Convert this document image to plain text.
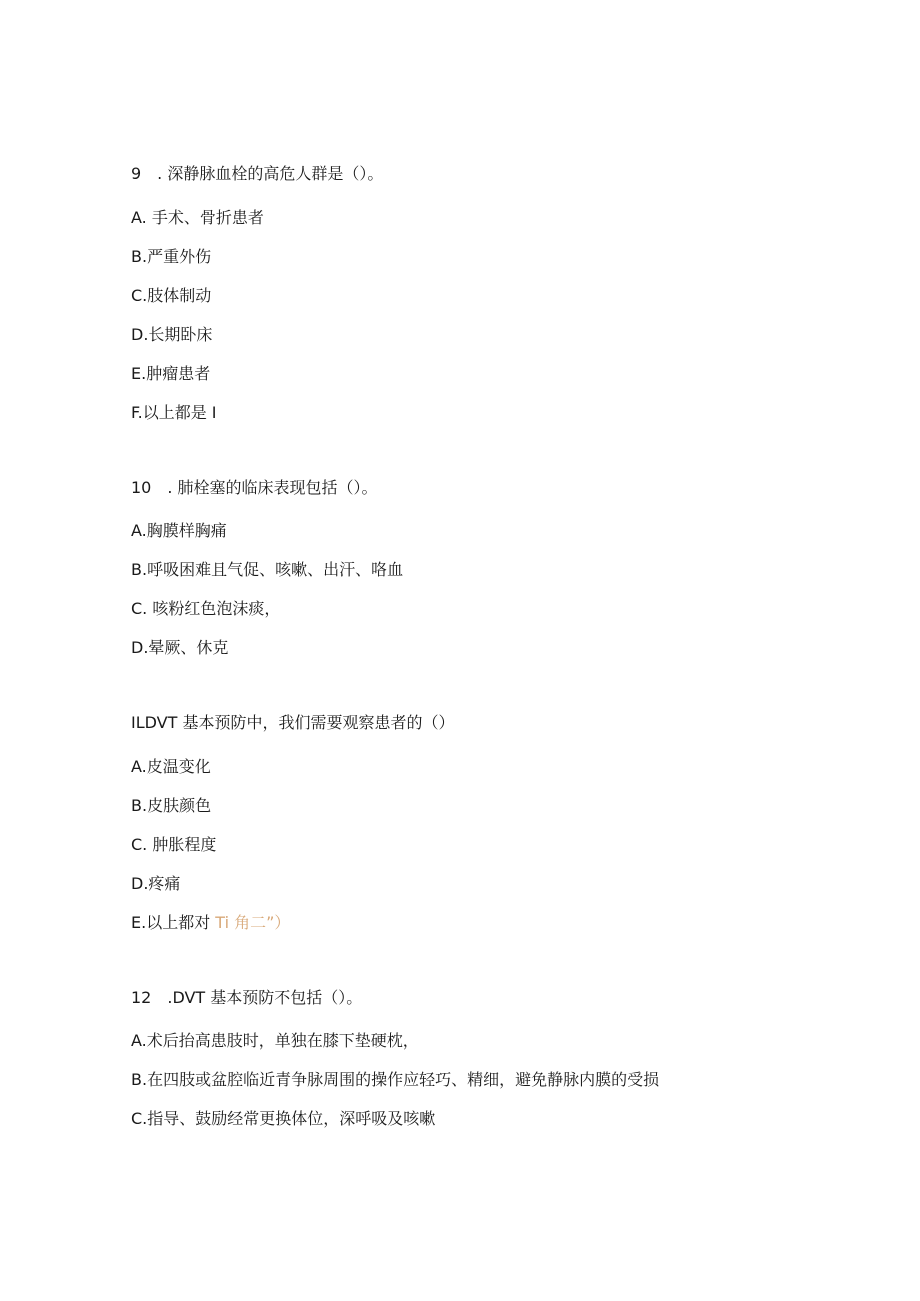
9　. 深静脉血栓的高危人群是（）。
A. 手术、骨折患者
B.严重外伤
C.肢体制动
D.长期卧床
E.肿瘤患者
F.以上都是 I
10　. 肺栓塞的临床表现包括（）。
A.胸膜样胸痛
B.呼吸困难且气促、咳嗽、出汗、咯血
C. 咳粉红色泡沫痰，
D.晕厥、休克
ILDVT 基本预防中，我们需要观察患者的（）
A.皮温变化
B.皮肤颜色
C. 肿胀程度
D.疼痛
E.以上都对 Ti 角二”）
12　.DVT 基本预防不包括（）。
A.术后抬高患肢时，单独在膝下垫硬枕，
B.在四肢或盆腔临近青争脉周围的操作应轻巧、精细，避免静脉内膜的受损
C.指导、鼓励经常更换体位，深呼吸及咳嗽
